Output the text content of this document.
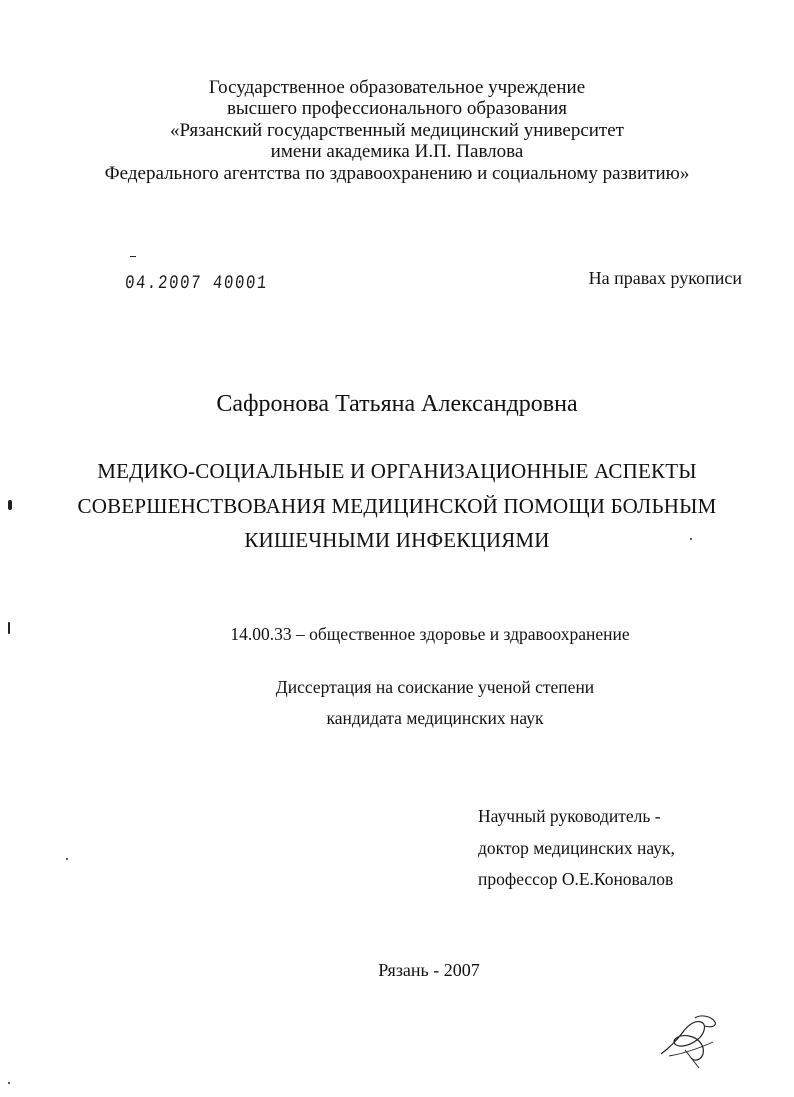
Государственное образовательное учреждение
высшего профессионального образования
«Рязанский государственный медицинский университет
имени академика И.П. Павлова
Федерального агентства по здравоохранению и социальному развитию»
04.2007 40001	На правах рукописи
Сафронова Татьяна Александровна
МЕДИКО-СОЦИАЛЬНЫЕ И ОРГАНИЗАЦИОННЫЕ АСПЕКТЫ
СОВЕРШЕНСТВОВАНИЯ МЕДИЦИНСКОЙ ПОМОЩИ БОЛЬНЫМ
КИШЕЧНЫМИ ИНФЕКЦИЯМИ
14.00.33 – общественное здоровье и здравоохранение
Диссертация на соискание ученой степени
кандидата медицинских наук
Научный руководитель -
доктор медицинских наук,
профессор О.Е.Коновалов
Рязань - 2007
